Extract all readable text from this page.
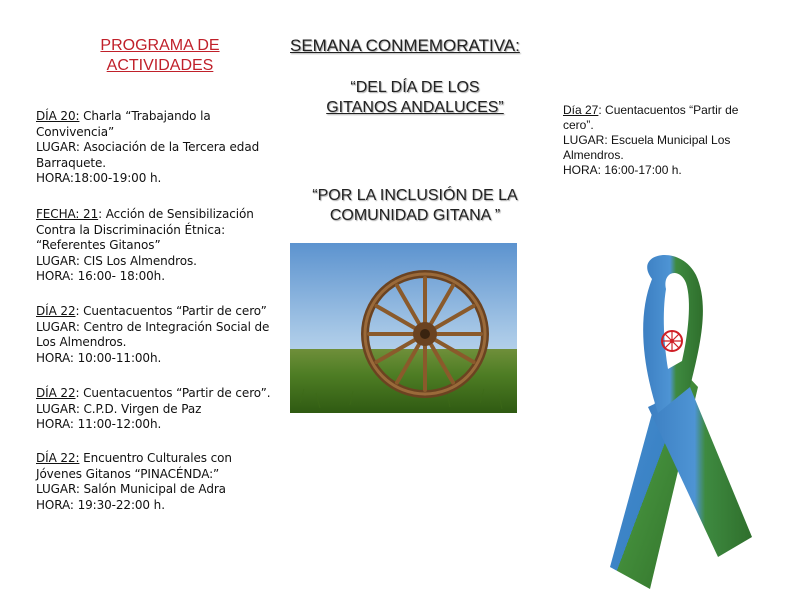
PROGRAMA DE
ACTIVIDADES
DÍA 20: Charla “Trabajando la
Convivencia”
LUGAR: Asociación de la Tercera edad
Barraquete.
HORA:18:00-19:00 h.
FECHA: 21: Acción de Sensibilización
Contra la Discriminación Étnica:
“Referentes Gitanos”
LUGAR: CIS Los Almendros.
HORA: 16:00- 18:00h.
DÍA 22: Cuentacuentos “Partir de cero”
LUGAR: Centro de Integración Social de
Los Almendros.
HORA: 10:00-11:00h.
DÍA 22: Cuentacuentos “Partir de cero”.
LUGAR: C.P.D. Virgen de Paz
HORA: 11:00-12:00h.
DÍA 22: Encuentro Culturales con
Jóvenes Gitanos “PINACÉNDA:”
LUGAR: Salón Municipal de Adra
HORA: 19:30-22:00 h.
SEMANA CONMEMORATIVA:
“DEL DÍA DE LOS
GITANOS ANDALUCES”
“POR LA INCLUSIÓN DE LA
COMUNIDAD GITANA ”
Día 27: Cuentacuentos “Partir de
cero”.
LUGAR: Escuela Municipal Los
Almendros.
HORA: 16:00-17:00 h.
